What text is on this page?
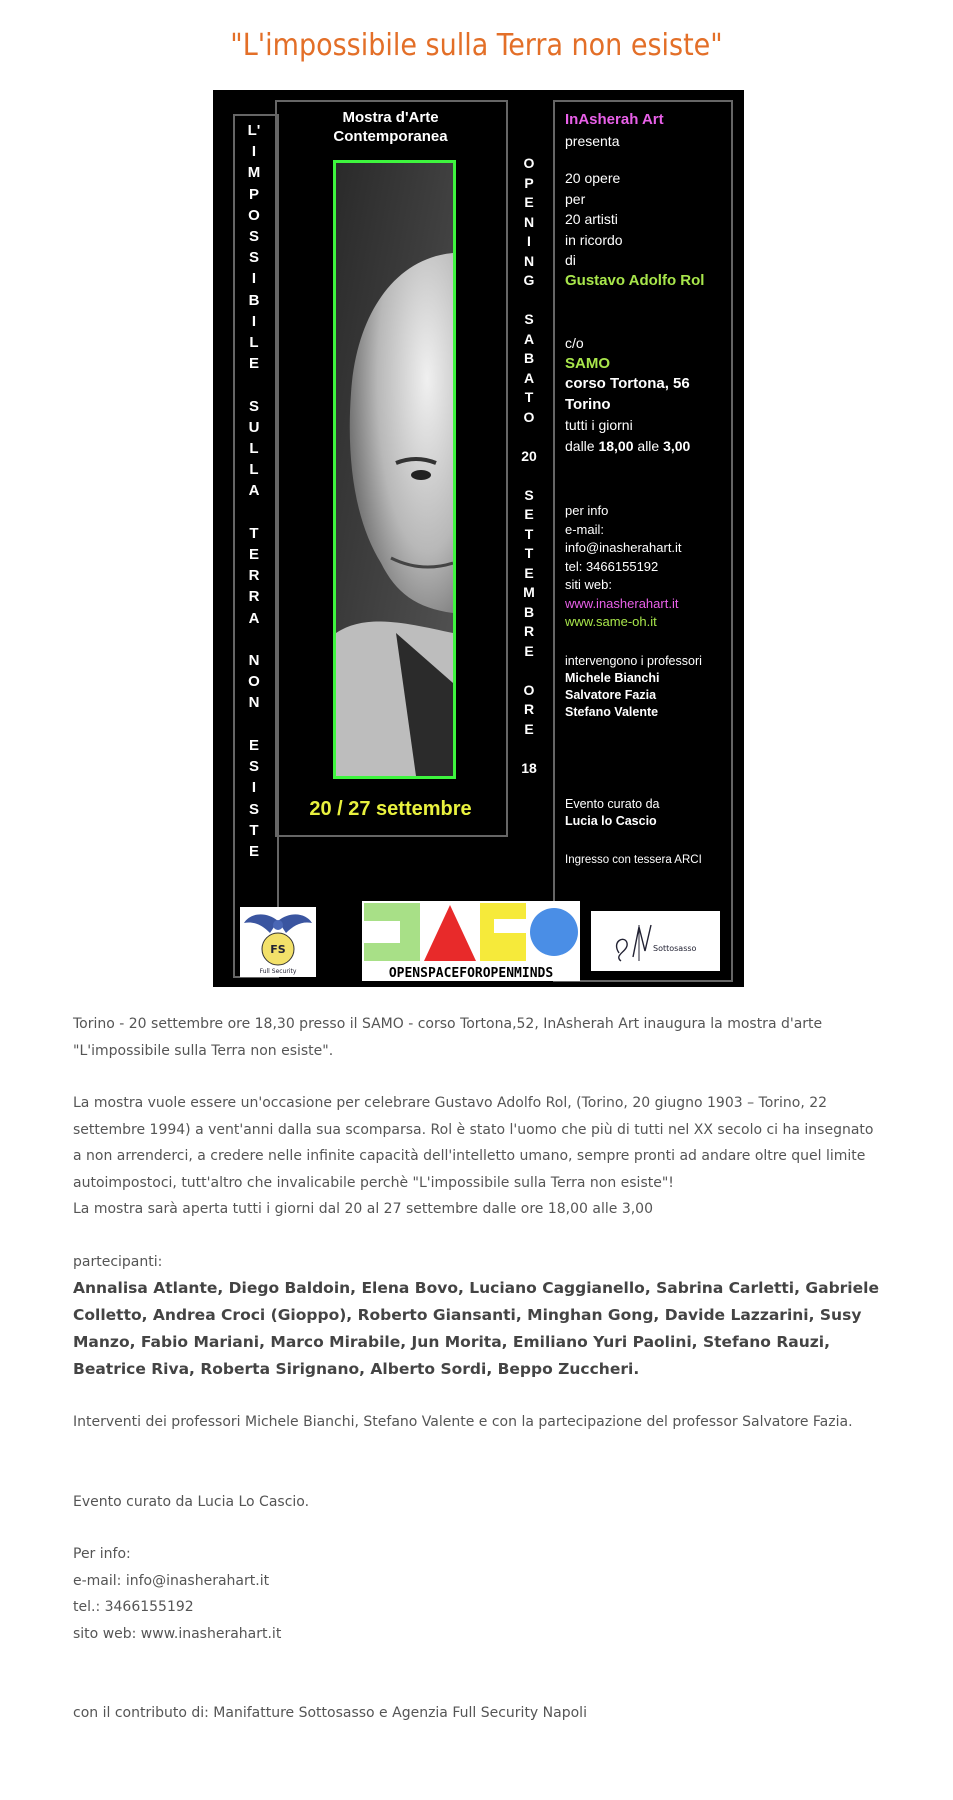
"L'impossibile sulla Terra non esiste"
L'
I
M
P
O
S
S
I
B
I
L
E

S
U
L
L
A

T
E
R
R
A

N
O
N

E
S
I
S
T
E
Mostra d'Arte
Contemporanea
20 / 27 settembre
O
P
E
N
I
N
G

S
A
B
A
T
O

20

S
E
T
T
E
M
B
R
E

O
R
E

18
InAsherah Art
presenta
20 opere
per
20 artisti
in ricordo
di
Gustavo Adolfo Rol
c/o
SAMO
corso Tortona, 56
Torino
tutti i giorni
dalle 18,00 alle 3,00
per info
e-mail:
info@inasherahart.it
tel: 3466155192
siti web:
www.inasherahart.it
www.same-oh.it
intervengono i professori
Michele Bianchi
Salvatore Fazia
Stefano Valente
Evento curato da
Lucia lo Cascio
Ingresso con tessera ARCI
FS
Full Security	OPENSPACEFOROPENMINDS
Sottosasso

Torino - 20 settembre ore 18,30 presso il SAMO - corso Tortona,52, InAsherah Art inaugura la mostra d'arte "L'impossibile sulla Terra non esiste".

La mostra vuole essere un'occasione per celebrare Gustavo Adolfo Rol, (Torino, 20 giugno 1903 – Torino, 22 settembre 1994) a vent'anni dalla sua scomparsa. Rol è stato l'uomo che più di tutti nel XX secolo ci ha insegnato a non arrenderci, a credere nelle infinite capacità dell'intelletto umano, sempre pronti ad andare oltre quel limite autoimpostoci, tutt'altro che invalicabile perchè "L'impossibile sulla Terra non esiste"!

La mostra sarà aperta tutti i giorni dal 20 al 27 settembre dalle ore 18,00 alle 3,00

partecipanti:

Annalisa Atlante, Diego Baldoin, Elena Bovo, Luciano Caggianello, Sabrina Carletti, Gabriele Colletto, Andrea Croci (Gioppo), Roberto Giansanti, Minghan Gong, Davide Lazzarini, Susy Manzo, Fabio Mariani, Marco Mirabile, Jun Morita, Emiliano Yuri Paolini, Stefano Rauzi, Beatrice Riva, Roberta Sirignano, Alberto Sordi, Beppo Zuccheri.

Interventi dei professori Michele Bianchi, Stefano Valente e con la partecipazione del professor Salvatore Fazia.

Evento curato da Lucia Lo Cascio.

Per info:

e-mail: info@inasherahart.it

tel.: 3466155192

sito web: www.inasherahart.it

con il contributo di: Manifatture Sottosasso e Agenzia Full Security Napoli
